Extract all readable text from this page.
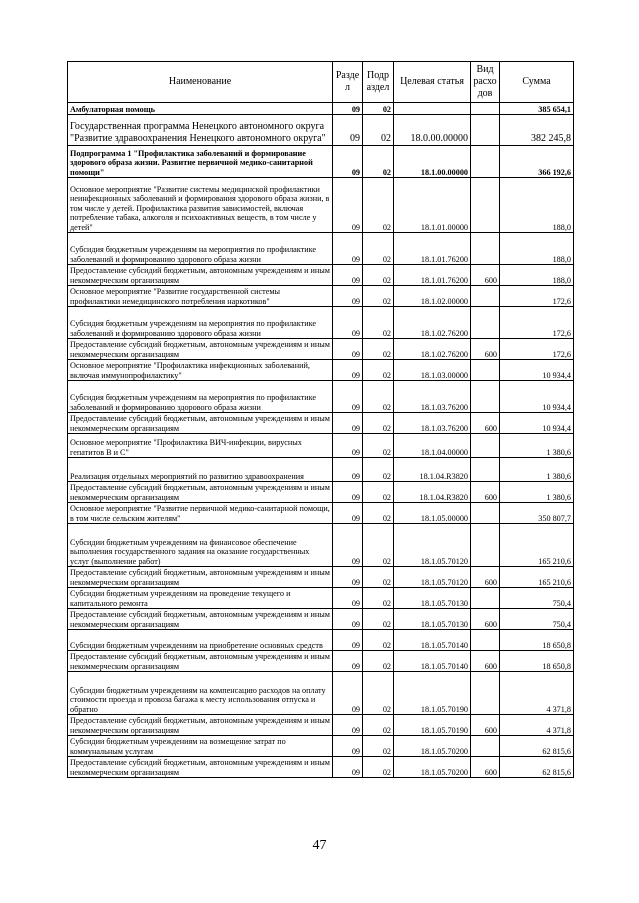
Наименование	Разде л	Подр аздел	Целевая статья	Вид расхо дов	Сумма
Амбулаторная помощь	09	02			385 654,1
Государственная программа Ненецкого автономного округа "Развитие здравоохранения Ненецкого автономного округа"	09	02	18.0.00.00000		382 245,8
Подпрограмма 1 "Профилактика заболеваний и формирование здорового образа жизни. Развитие первичной медико-санитарной помощи"	09	02	18.1.00.00000		366 192,6
Основное мероприятие "Развитие системы медицинской профилактики неинфекционных заболеваний и формирования здорового образа жизни, в том числе у детей. Профилактика развития зависимостей, включая потребление табака, алкоголя и психоактивных веществ, в том числе у детей"	09	02	18.1.01.00000		188,0
Субсидия бюджетным учреждениям на мероприятия по профилактике заболеваний и формированию здорового образа жизни	09	02	18.1.01.76200		188,0
Предоставление субсидий бюджетным, автономным учреждениям и иным некоммерческим организациям	09	02	18.1.01.76200	600	188,0
Основное мероприятие "Развитие государственной системы профилактики немедицинского потребления наркотиков"	09	02	18.1.02.00000		172,6
Субсидия бюджетным учреждениям на мероприятия по профилактике заболеваний и формированию здорового образа жизни	09	02	18.1.02.76200		172,6
Предоставление субсидий бюджетным, автономным учреждениям и иным некоммерческим организациям	09	02	18.1.02.76200	600	172,6
Основное мероприятие "Профилактика инфекционных заболеваний, включая иммунопрофилактику"	09	02	18.1.03.00000		10 934,4
Субсидия бюджетным учреждениям на мероприятия по профилактике заболеваний и формированию здорового образа жизни	09	02	18.1.03.76200		10 934,4
Предоставление субсидий бюджетным, автономным учреждениям и иным некоммерческим организациям	09	02	18.1.03.76200	600	10 934,4
Основное мероприятие "Профилактика ВИЧ-инфекции, вирусных гепатитов В и С"	09	02	18.1.04.00000		1 380,6
Реализация отдельных мероприятий по развитию здравоохранения	09	02	18.1.04.R3820		1 380,6
Предоставление субсидий бюджетным, автономным учреждениям и иным некоммерческим организациям	09	02	18.1.04.R3820	600	1 380,6
Основное мероприятие "Развитие первичной медико-санитарной помощи, в том числе сельским жителям"	09	02	18.1.05.00000		350 807,7
Субсидии бюджетным учреждениям на финансовое обеспечение выполнения государственного задания на оказание государственных услуг (выполнение работ)	09	02	18.1.05.70120		165 210,6
Предоставление субсидий бюджетным, автономным учреждениям и иным некоммерческим организациям	09	02	18.1.05.70120	600	165 210,6
Субсидии бюджетным учреждениям на проведение текущего и капитального ремонта	09	02	18.1.05.70130		750,4
Предоставление субсидий бюджетным, автономным учреждениям и иным некоммерческим организациям	09	02	18.1.05.70130	600	750,4
Субсидии бюджетным учреждениям на приобретение основных средств	09	02	18.1.05.70140		18 650,8
Предоставление субсидий бюджетным, автономным учреждениям и иным некоммерческим организациям	09	02	18.1.05.70140	600	18 650,8
Субсидии бюджетным учреждениям на компенсацию расходов на оплату стоимости проезда и провоза багажа к месту использования отпуска и обратно	09	02	18.1.05.70190		4 371,8
Предоставление субсидий бюджетным, автономным учреждениям и иным некоммерческим организациям	09	02	18.1.05.70190	600	4 371,8
Субсидии бюджетным учреждениям на возмещение затрат по коммунальным услугам	09	02	18.1.05.70200		62 815,6
Предоставление субсидий бюджетным, автономным учреждениям и иным некоммерческим организациям	09	02	18.1.05.70200	600	62 815,6
47
